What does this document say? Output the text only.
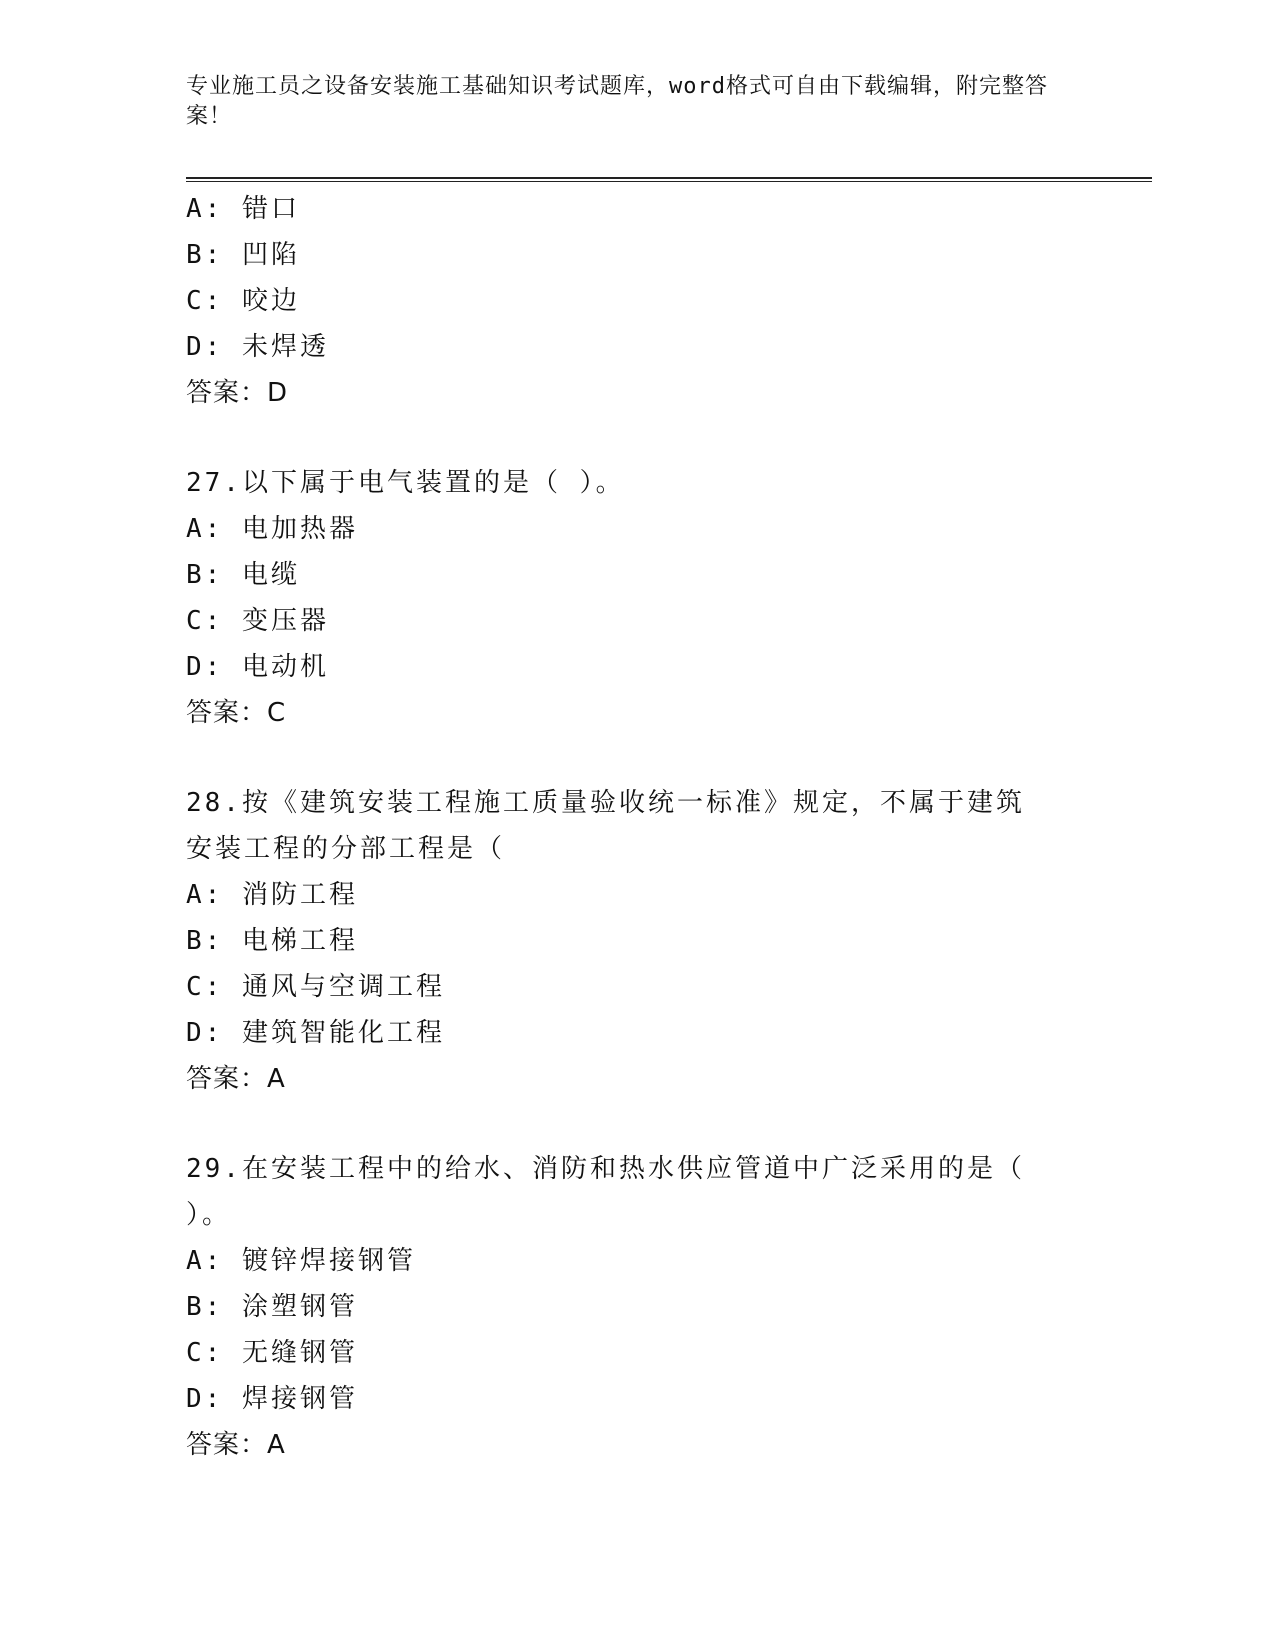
专业施工员之设备安装施工基础知识考试题库，word格式可自由下载编辑，附完整答案！
A: 错口
B: 凹陷
C: 咬边
D: 未焊透
答案：D
27.以下属于电气装置的是（ ）。
A: 电加热器
B: 电缆
C: 变压器
D: 电动机
答案：C
28.按《建筑安装工程施工质量验收统一标准》规定，不属于建筑安装工程的分部工程是（
A: 消防工程
B: 电梯工程
C: 通风与空调工程
D: 建筑智能化工程
答案：A
29.在安装工程中的给水、消防和热水供应管道中广泛采用的是（ ）。
A: 镀锌焊接钢管
B: 涂塑钢管
C: 无缝钢管
D: 焊接钢管
答案：A
